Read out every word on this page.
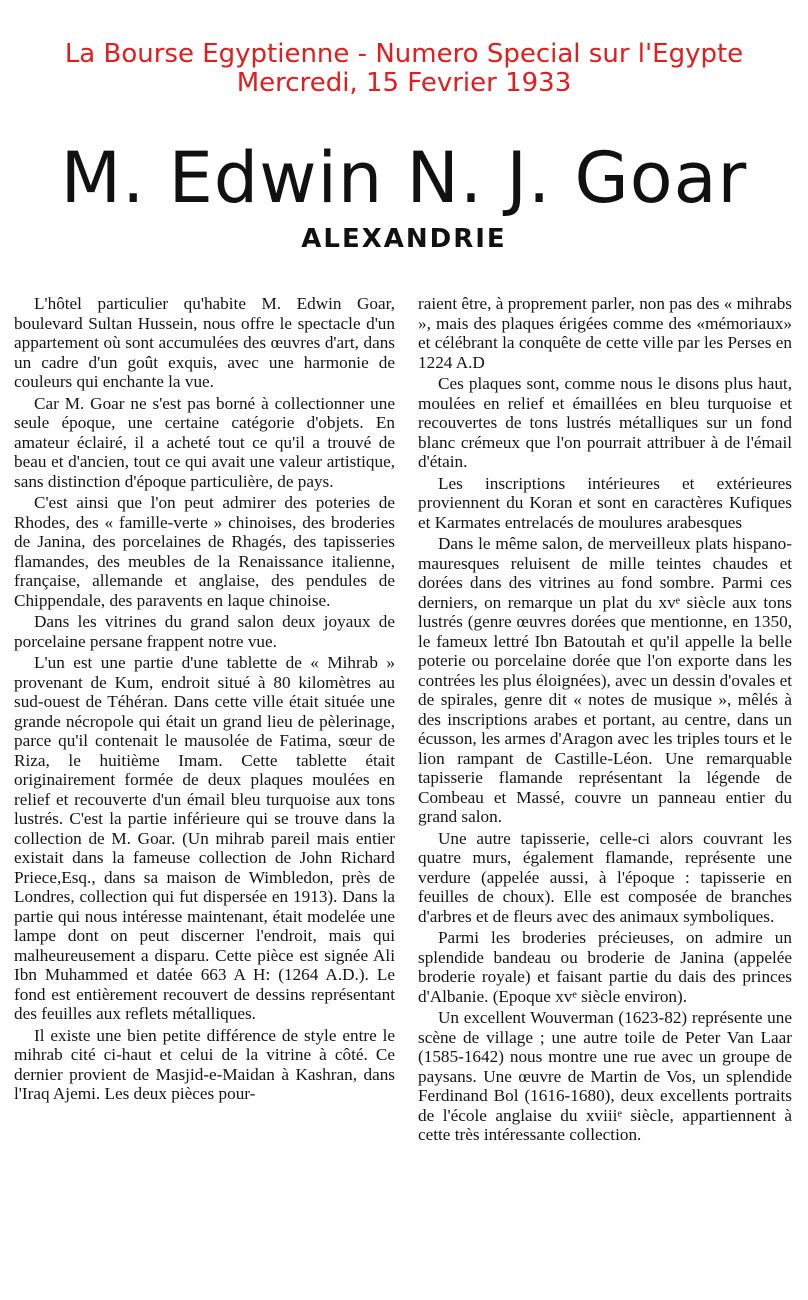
La Bourse Egyptienne - Numero Special sur l'Egypte
Mercredi, 15 Fevrier 1933
M. Edwin N. J. Goar
ALEXANDRIE

L'hôtel particulier qu'habite M. Edwin Goar, boulevard Sultan Hussein, nous offre le spectacle d'un appartement où sont accumulées des œuvres d'art, dans un cadre d'un goût exquis, avec une harmonie de couleurs qui enchante la vue.

Car M. Goar ne s'est pas borné à collectionner une seule époque, une certaine catégorie d'objets. En amateur éclairé, il a acheté tout ce qu'il a trouvé de beau et d'ancien, tout ce qui avait une valeur artistique, sans distinction d'époque particulière, de pays.

C'est ainsi que l'on peut admirer des poteries de Rhodes, des « famille-verte » chinoises, des broderies de Janina, des porcelaines de Rhagés, des tapisseries flamandes, des meubles de la Renaissance italienne, française, allemande et anglaise, des pendules de Chippendale, des paravents en laque chinoise.

Dans les vitrines du grand salon deux joyaux de porcelaine persane frappent notre vue.

L'un est une partie d'une tablette de « Mihrab » provenant de Kum, endroit situé à 80 kilomètres au sud-ouest de Téhéran. Dans cette ville était située une grande nécropole qui était un grand lieu de pèlerinage, parce qu'il contenait le mausolée de Fatima, sœur de Riza, le huitième Imam. Cette tablette était originairement formée de deux plaques moulées en relief et recouverte d'un émail bleu turquoise aux tons lustrés. C'est la partie inférieure qui se trouve dans la collection de M. Goar. (Un mihrab pareil mais entier existait dans la fameuse collection de John Richard Priece,Esq., dans sa maison de Wimbledon, près de Londres, collection qui fut dispersée en 1913). Dans la partie qui nous intéresse maintenant, était modelée une lampe dont on peut discerner l'endroit, mais qui malheureusement a disparu. Cette pièce est signée Ali Ibn Muhammed et datée 663 A H: (1264 A.D.). Le fond est entièrement recouvert de dessins représentant des feuilles aux reflets métalliques.

Il existe une bien petite différence de style entre le mihrab cité ci-haut et celui de la vitrine à côté. Ce dernier provient de Masjid-e-Maidan à Kashran, dans l'Iraq Ajemi. Les deux pièces pour-

raient être, à proprement parler, non pas des « mihrabs », mais des plaques érigées comme des «mémoriaux» et célébrant la conquête de cette ville par les Perses en 1224 A.D

Ces plaques sont, comme nous le disons plus haut, moulées en relief et émaillées en bleu turquoise et recouvertes de tons lustrés métalliques sur un fond blanc crémeux que l'on pourrait attribuer à de l'émail d'étain.

Les inscriptions intérieures et extérieures proviennent du Koran et sont en caractères Kufiques et Karmates entrelacés de moulures arabesques

Dans le même salon, de merveilleux plats hispano-mauresques reluisent de mille teintes chaudes et dorées dans des vitrines au fond sombre. Parmi ces derniers, on remarque un plat du xvᵉ siècle aux tons lustrés (genre œuvres dorées que mentionne, en 1350, le fameux lettré Ibn Batoutah et qu'il appelle la belle poterie ou porcelaine dorée que l'on exporte dans les contrées les plus éloignées), avec un dessin d'ovales et de spirales, genre dit « notes de musique », mêlés à des inscriptions arabes et portant, au centre, dans un écusson, les armes d'Aragon avec les triples tours et le lion rampant de Castille-Léon. Une remarquable tapisserie flamande représentant la légende de Combeau et Massé, couvre un panneau entier du grand salon.

Une autre tapisserie, celle-ci alors couvrant les quatre murs, également flamande, représente une verdure (appelée aussi, à l'époque : tapisserie en feuilles de choux). Elle est composée de branches d'arbres et de fleurs avec des animaux symboliques.

Parmi les broderies précieuses, on admire un splendide bandeau ou broderie de Janina (appelée broderie royale) et faisant partie du dais des princes d'Albanie. (Epoque xvᵉ siècle environ).

Un excellent Wouverman (1623-82) représente une scène de village ; une autre toile de Peter Van Laar (1585-1642) nous montre une rue avec un groupe de paysans. Une œuvre de Martin de Vos, un splendide Ferdinand Bol (1616-1680), deux excellents portraits de l'école anglaise du xviiiᵉ siècle, appartiennent à cette très intéressante collection.
